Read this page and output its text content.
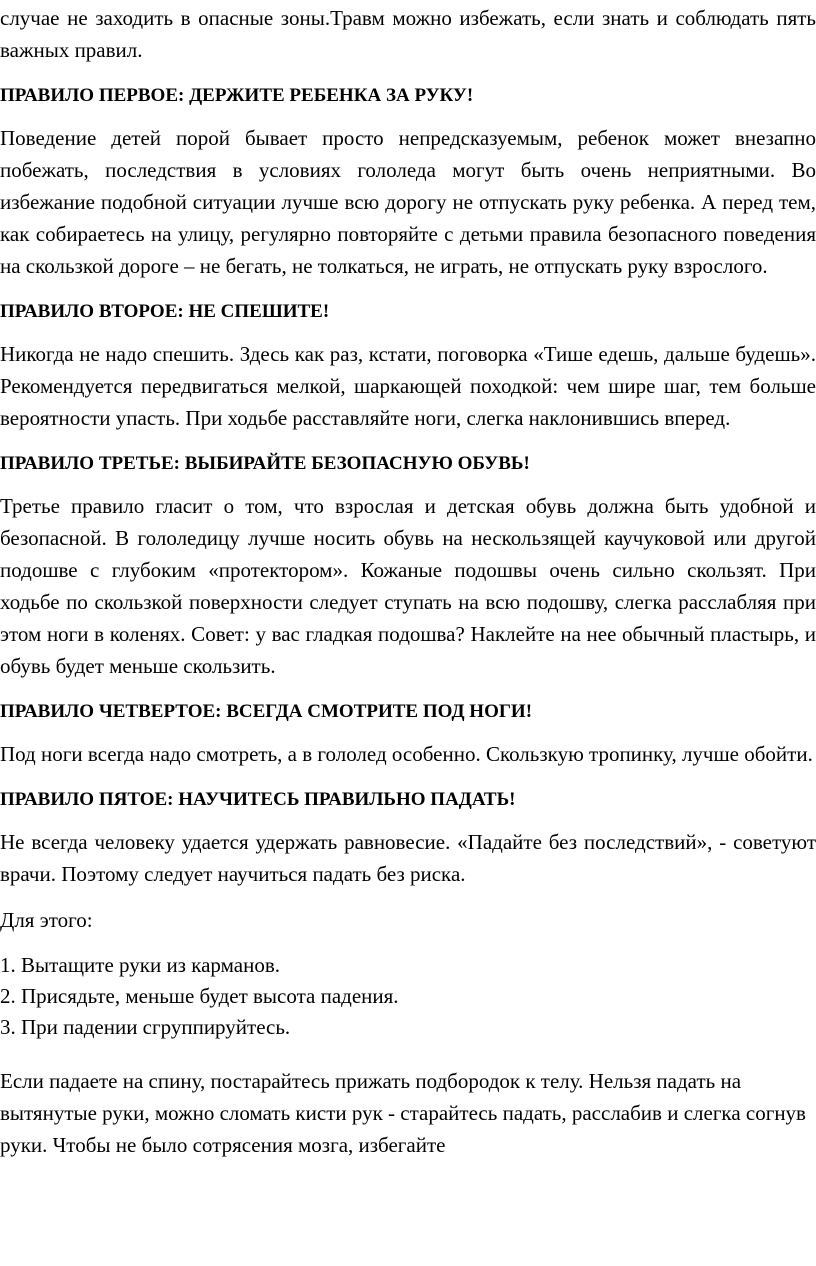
случае не заходить в опасные зоны.Травм можно избежать, если знать и соблюдать пять важных правил.

ПРАВИЛО ПЕРВОЕ: ДЕРЖИТЕ РЕБЕНКА ЗА РУКУ!

Поведение детей порой бывает просто непредсказуемым, ребенок может внезапно побежать, последствия в условиях гололеда могут быть очень неприятными. Во избежание подобной ситуации лучше всю дорогу не отпускать руку ребенка. А перед тем, как собираетесь на улицу, регулярно повторяйте с детьми правила безопасного поведения на скользкой дороге – не бегать, не толкаться, не играть, не отпускать руку взрослого.

ПРАВИЛО ВТОРОЕ: НЕ СПЕШИТЕ!

Никогда не надо спешить. Здесь как раз, кстати, поговорка «Тише едешь, дальше будешь». Рекомендуется передвигаться мелкой, шаркающей походкой: чем шире шаг, тем больше вероятности упасть. При ходьбе расставляйте ноги, слегка наклонившись вперед.

ПРАВИЛО ТРЕТЬЕ: ВЫБИРАЙТЕ БЕЗОПАСНУЮ ОБУВЬ!

Третье правило гласит о том, что взрослая и детская обувь должна быть удобной и безопасной. В гололедицу лучше носить обувь на нескользящей каучуковой или другой подошве с глубоким «протектором». Кожаные подошвы очень сильно скользят. При ходьбе по скользкой поверхности следует ступать на всю подошву, слегка расслабляя при этом ноги в коленях. Совет: у вас гладкая подошва? Наклейте на нее обычный пластырь, и обувь будет меньше скользить.

ПРАВИЛО ЧЕТВЕРТОЕ: ВСЕГДА СМОТРИТЕ ПОД НОГИ!

Под ноги всегда надо смотреть, а в гололед особенно. Скользкую тропинку, лучше обойти.

ПРАВИЛО ПЯТОЕ: НАУЧИТЕСЬ ПРАВИЛЬНО ПАДАТЬ!

Не всегда человеку удается удержать равновесие. «Падайте без последствий», - советуют врачи. Поэтому следует научиться падать без риска.

Для этого:

1. Вытащите руки из карманов.
2. Присядьте, меньше будет высота падения.
3. При падении сгруппируйтесь.

Если падаете на спину, постарайтесь прижать подбородок к телу. Нельзя падать на вытянутые руки, можно сломать кисти рук - старайтесь падать, расслабив и слегка согнув руки. Чтобы не было сотрясения мозга, избегайте
